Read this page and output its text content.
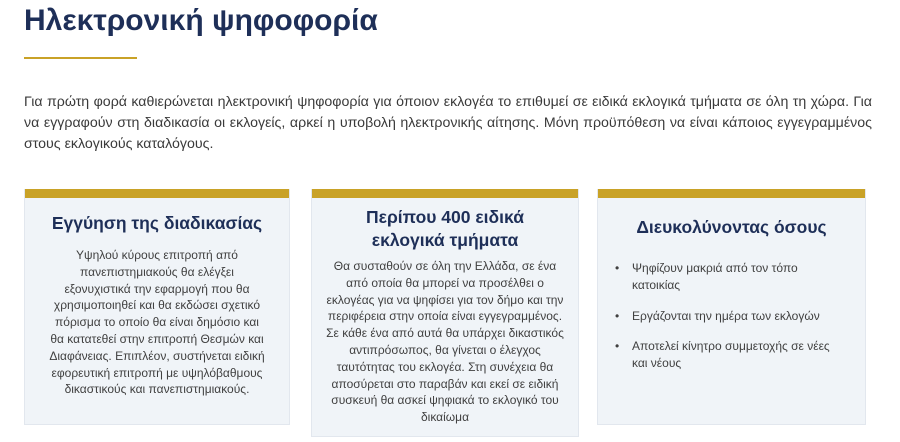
Ηλεκτρονική ψηφοφορία

Για πρώτη φορά καθιερώνεται ηλεκτρονική ψηφοφορία για όποιον εκλογέα το επιθυμεί σε ειδικά εκλογικά τμήματα σε όλη τη χώρα. Για να εγγραφούν στη διαδικασία οι εκλογείς, αρκεί η υποβολή ηλεκτρονικής αίτησης. Μόνη προϋπόθεση να είναι κάποιος εγγεγραμμένος στους εκλογικούς καταλόγους.

Εγγύηση της διαδικασίας

Υψηλού κύρους επιτροπή από πανεπιστημιακούς θα ελέγξει εξονυχιστικά την εφαρμογή που θα χρησιμοποιηθεί και θα εκδώσει σχετικό πόρισμα το οποίο θα είναι δημόσιο και θα κατατεθεί στην επιτροπή Θεσμών και Διαφάνειας. Επιπλέον, συστήνεται ειδική εφορευτική επιτροπή με υψηλόβαθμους δικαστικούς και πανεπιστημιακούς.

Περίπου 400 ειδικά εκλογικά τμήματα

Θα συσταθούν σε όλη την Ελλάδα, σε ένα από οποία θα μπορεί να προσέλθει ο εκλογέας για να ψηφίσει για τον δήμο και την περιφέρεια στην οποία είναι εγγεγραμμένος. Σε κάθε ένα από αυτά θα υπάρχει δικαστικός αντιπρόσωπος, θα γίνεται ο έλεγχος ταυτότητας του εκλογέα. Στη συνέχεια θα αποσύρεται στο παραβάν και εκεί σε ειδική συσκευή θα ασκεί ψηφιακά το εκλογικό του δικαίωμα

Διευκολύνοντας όσους
• Ψηφίζουν μακριά από τον τόπο κατοικίας
• Εργάζονται την ημέρα των εκλογών
• Αποτελεί κίνητρο συμμετοχής σε νέες και νέους
